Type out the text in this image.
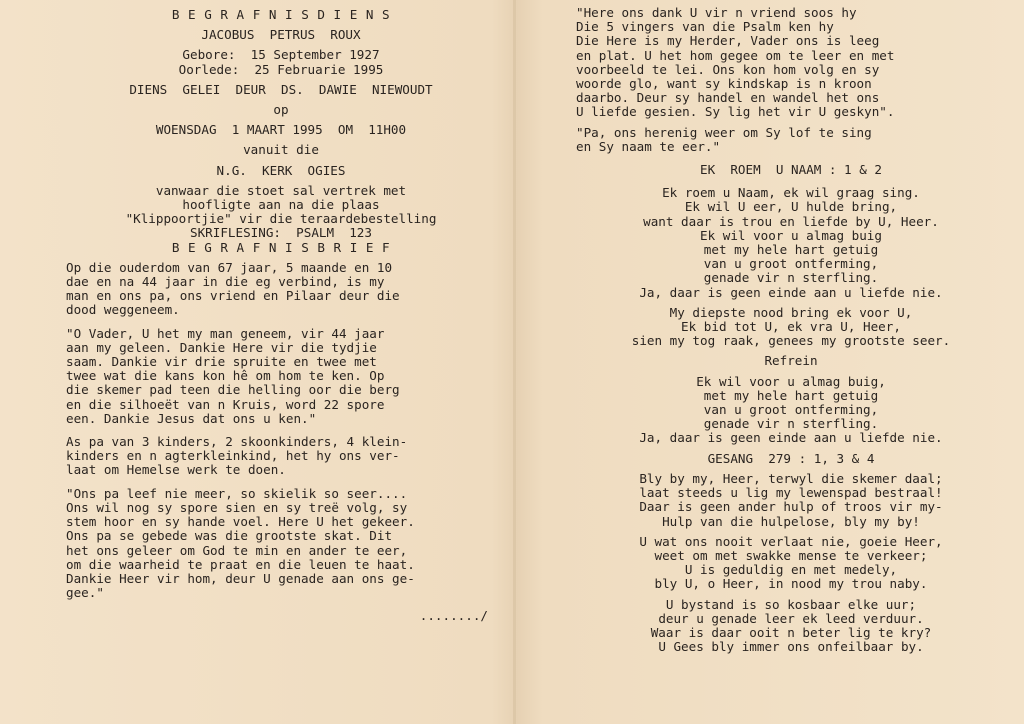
B E G R A F N I S D I E N S
JACOBUS  PETRUS  ROUX
Gebore:  15 September 1927
Oorlede:  25 Februarie 1995
DIENS  GELEI  DEUR  DS.  DAWIE  NIEWOUDT
op
WOENSDAG  1 MAART 1995  OM  11H00
vanuit die
N.G.  KERK  OGIES
vanwaar die stoet sal vertrek met
hoofligte aan na die plaas
"Klippoortjie" vir die teraardebestelling
SKRIFLESING:  PSALM  123
B E G R A F N I S B R I E F
Op die ouderdom van 67 jaar, 5 maande en 10
dae en na 44 jaar in die eg verbind, is my
man en ons pa, ons vriend en Pilaar deur die
dood weggeneem.
"O Vader, U het my man geneem, vir 44 jaar
aan my geleen. Dankie Here vir die tydjie
saam. Dankie vir drie spruite en twee met
twee wat die kans kon hê om hom te ken. Op
die skemer pad teen die helling oor die berg
en die silhoeët van n Kruis, word 22 spore
een. Dankie Jesus dat ons u ken."
As pa van 3 kinders, 2 skoonkinders, 4 klein-
kinders en n agterkleinkind, het hy ons ver-
laat om Hemelse werk te doen.
"Ons pa leef nie meer, so skielik so seer....
Ons wil nog sy spore sien en sy treë volg, sy
stem hoor en sy hande voel. Here U het gekeer.
Ons pa se gebede was die grootste skat. Dit
het ons geleer om God te min en ander te eer,
om die waarheid te praat en die leuen te haat.
Dankie Heer vir hom, deur U genade aan ons ge-
gee."
......../
"Here ons dank U vir n vriend soos hy
Die 5 vingers van die Psalm ken hy
Die Here is my Herder, Vader ons is leeg
en plat. U het hom gegee om te leer en met
voorbeeld te lei. Ons kon hom volg en sy
woorde glo, want sy kindskap is n kroon
daarbo. Deur sy handel en wandel het ons
U liefde gesien. Sy lig het vir U geskyn".
"Pa, ons herenig weer om Sy lof te sing
en Sy naam te eer."
EK  ROEM  U NAAM : 1 & 2
Ek roem u Naam, ek wil graag sing.
Ek wil U eer, U hulde bring,
want daar is trou en liefde by U, Heer.
Ek wil voor u almag buig
met my hele hart getuig
van u groot ontferming,
genade vir n sterfling.
Ja, daar is geen einde aan u liefde nie.
My diepste nood bring ek voor U,
Ek bid tot U, ek vra U, Heer,
sien my tog raak, genees my grootste seer.
Refrein
Ek wil voor u almag buig,
met my hele hart getuig
van u groot ontferming,
genade vir n sterfling.
Ja, daar is geen einde aan u liefde nie.
GESANG  279 : 1, 3 & 4
Bly by my, Heer, terwyl die skemer daal;
laat steeds u lig my lewenspad bestraal!
Daar is geen ander hulp of troos vir my-
Hulp van die hulpelose, bly my by!
U wat ons nooit verlaat nie, goeie Heer,
weet om met swakke mense te verkeer;
U is geduldig en met medely,
bly U, o Heer, in nood my trou naby.
U bystand is so kosbaar elke uur;
deur u genade leer ek leed verduur.
Waar is daar ooit n beter lig te kry?
U Gees bly immer ons onfeilbaar by.
